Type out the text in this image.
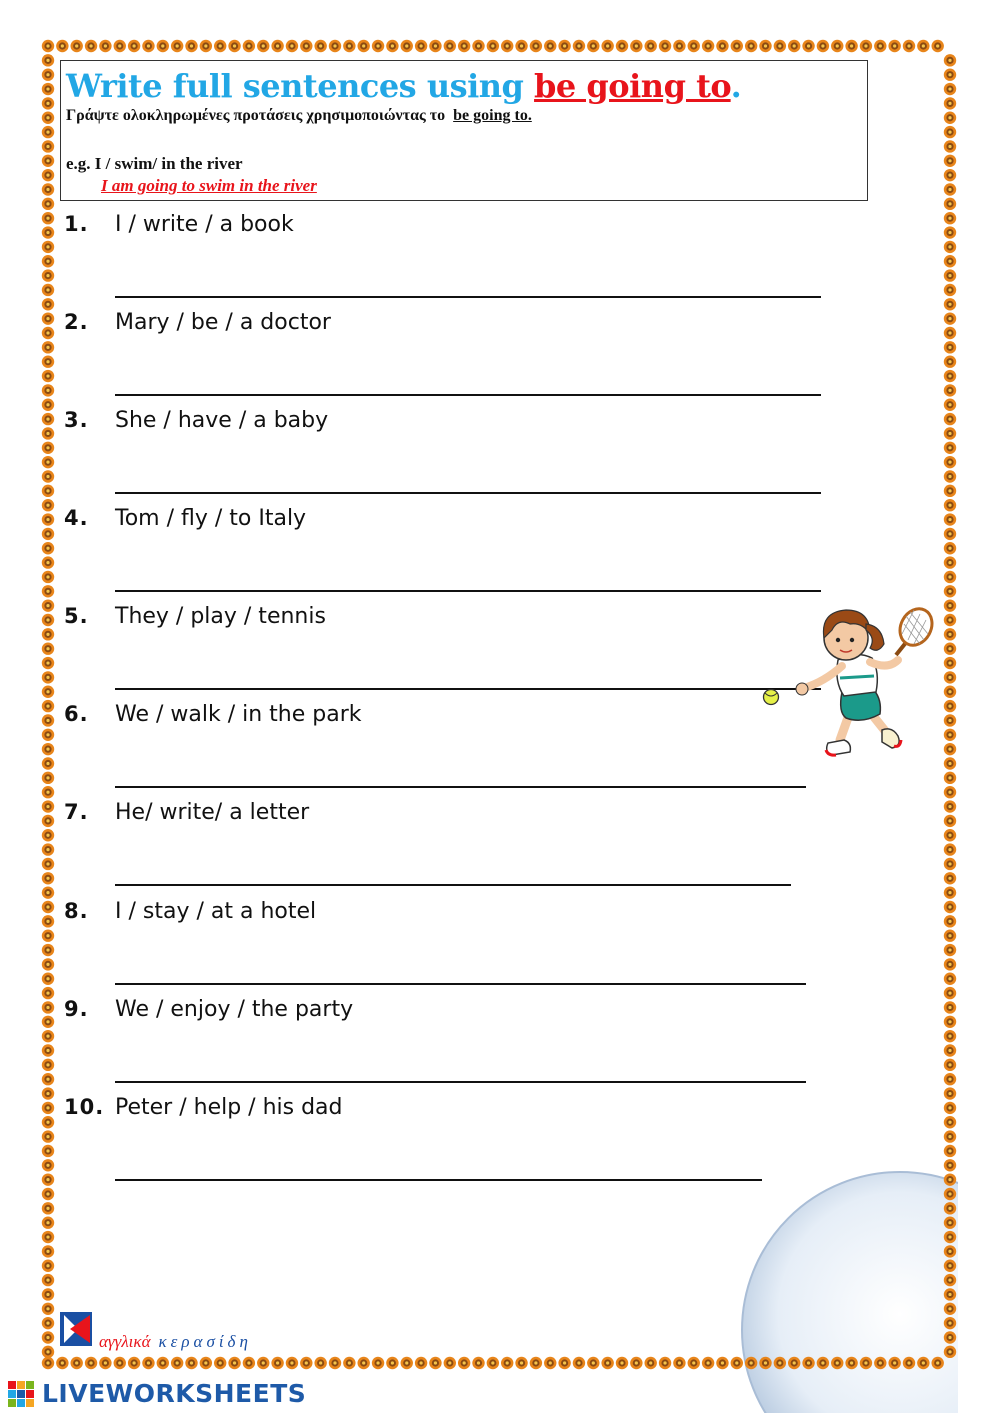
Write full sentences using be going to.
Γράψτε ολοκληρωμένες προτάσεις χρησιμοποιώντας το be going to.
e.g. I / swim/ in the river
I am going to swim in the river
1. I / write / a book
2. Mary / be / a doctor
3. She / have / a baby
4. Tom / fly / to Italy
5. They / play / tennis
6. We / walk / in the park
7. He/ write/ a letter
8. I / stay / at a hotel
9. We / enjoy / the party
10. Peter / help / his dad
αγγλικά κερασίδη
LIVEWORKSHEETS
